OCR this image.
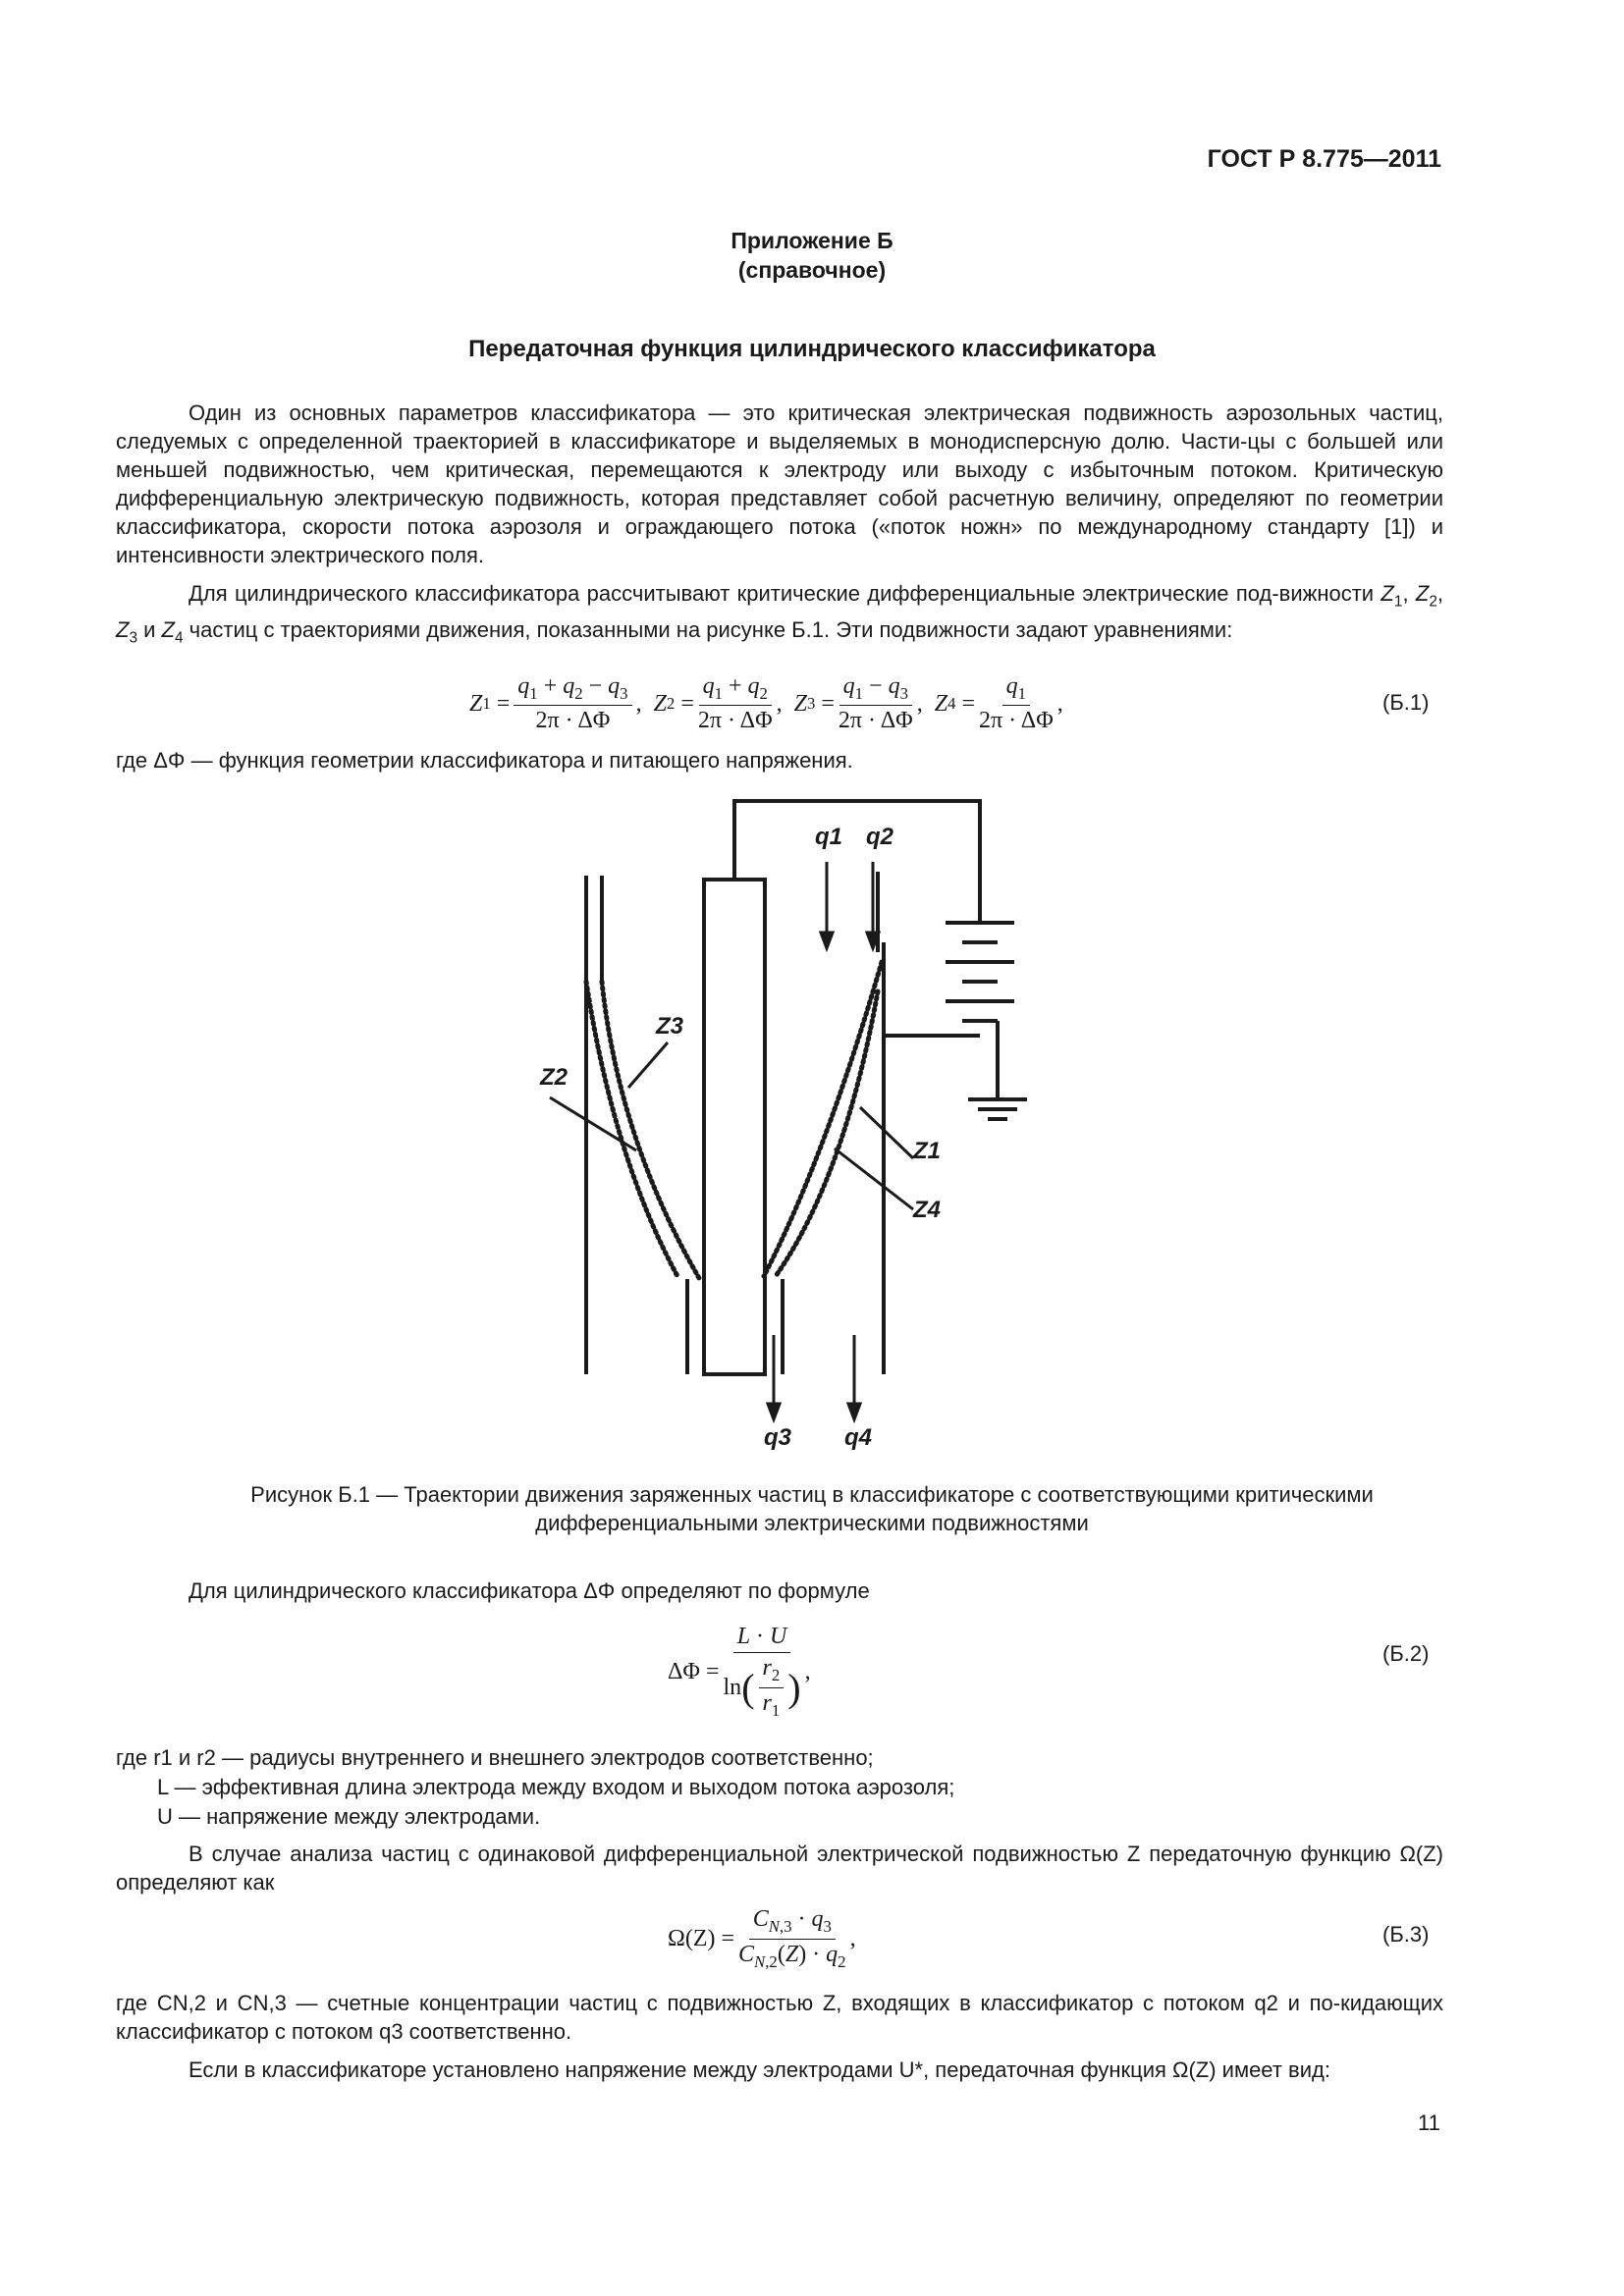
ГОСТ Р 8.775—2011
Приложение Б
(справочное)
Передаточная функция цилиндрического классификатора
Один из основных параметров классификатора — это критическая электрическая подвижность аэрозольных частиц, следуемых с определенной траекторией в классификаторе и выделяемых в монодисперсную долю. Части-цы с большей или меньшей подвижностью, чем критическая, перемещаются к электроду или выходу с избыточным потоком. Критическую дифференциальную электрическую подвижность, которая представляет собой расчетную величину, определяют по геометрии классификатора, скорости потока аэрозоля и ограждающего потока («поток ножн» по международному стандарту [1]) и интенсивности электрического поля.
Для цилиндрического классификатора рассчитывают критические дифференциальные электрические под-вижности $Z_1$, $Z_2$, $Z_3$ и $Z_4$ частиц с траекториями движения, показанными на рисунке Б.1. Эти подвижности задают уравнениями:
Z $1 = \frac{q_1 + q_2 - q_3}{2\pi \cdot \Delta\Phi}$ , Z $2 = \frac{q_1 + q_2}{2\pi \cdot \Delta\Phi}$ , Z $3 = \frac{q_1 - q_3}{2\pi \cdot \Delta\Phi}$ , Z $4 = \frac{q_1}{2\pi \cdot \Delta\Phi}$ ,	(Б.1)
где ΔΦ — функция геометрии классификатора и питающего напряжения.
q1 q2
q3 q4
Z2
Z3
Z1
Z4
Рисунок Б.1 — Траектории движения заряженных частиц в классификаторе с соответствующими критическими
дифференциальными электрическими подвижностями
Для цилиндрического классификатора ΔΦ определяют по формуле
$\Delta\Phi = \frac{L \cdot U}{\ln ( \frac{r_2}{r_1} )}$ ,
(Б.2)
где r1 и r2 — радиусы внутреннего и внешнего электродов соответственно;
L — эффективная длина электрода между входом и выходом потока аэрозоля;
U — напряжение между электродами.
В случае анализа частиц с одинаковой дифференциальной электрической подвижностью Z передаточную функцию Ω(Z) определяют как
$\Omega(Z) = \frac{C_{N,3} \cdot q_3}{C_{N,2}(Z) \cdot q_2}$ ,	(Б.3)
где CN,2 и CN,3 — счетные концентрации частиц с подвижностью Z, входящих в классификатор с потоком q2 и по-кидающих классификатор с потоком q3 соответственно.
Если в классификаторе установлено напряжение между электродами U*, передаточная функция Ω(Z) имеет вид:
11
